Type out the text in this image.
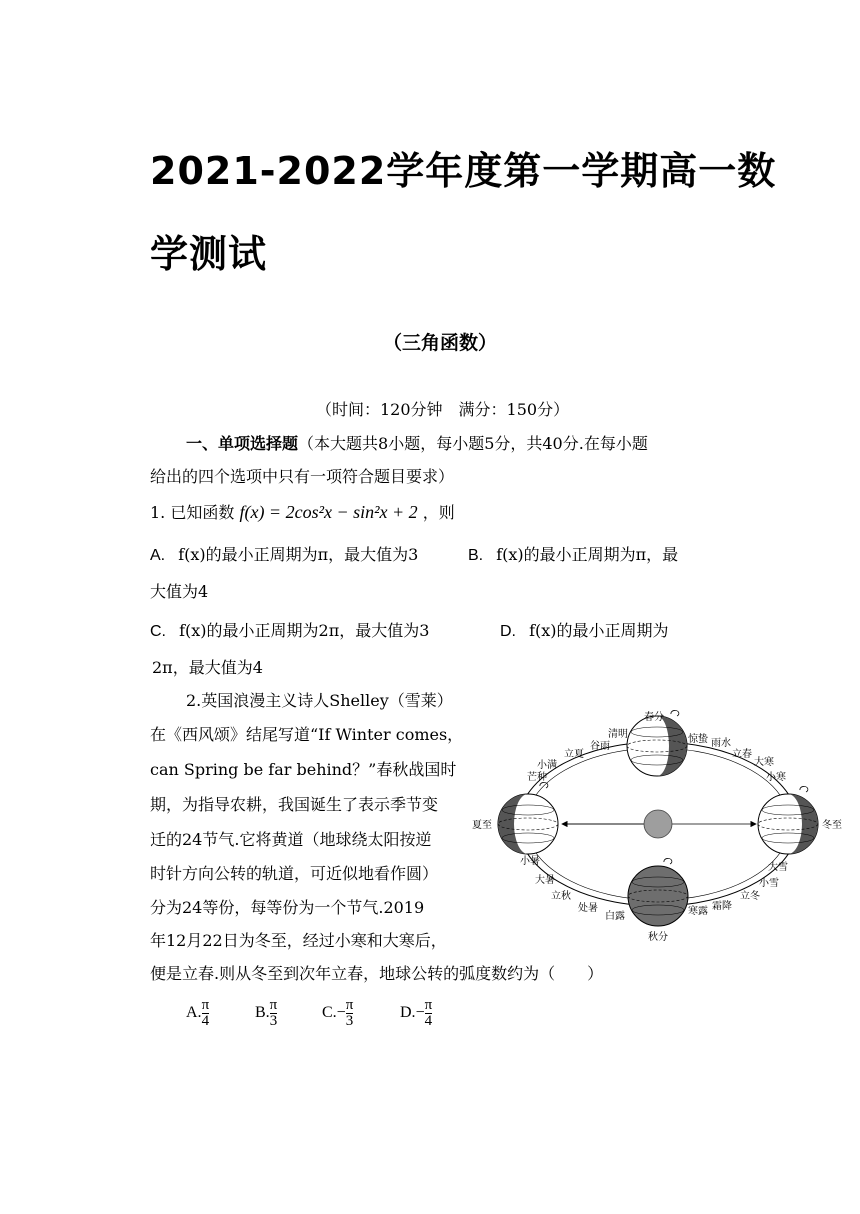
2021-2022学年度第一学期高一数
学测试
（三角函数）
（时间：120分钟　满分：150分）
一、单项选择题（本大题共8小题，每小题5分，共40分.在每小题
给出的四个选项中只有一项符合题目要求）
1. 已知函数 f(x) = 2cos²x − sin²x + 2 ，则
A. f(x)的最小正周期为π，最大值为3	B. f(x)的最小正周期为π，最
大值为4
C. f(x)的最小正周期为2π，最大值为3	D. f(x)的最小正周期为
2π，最大值为4
2.英国浪漫主义诗人Shelley（雪莱）
在《西风颂》结尾写道“If Winter comes，
can Spring be far behind？”春秋战国时
期，为指导农耕，我国诞生了表示季节变
迁的24节气.它将黄道（地球绕太阳按逆
时针方向公转的轨道，可近似地看作圆）
分为24等份，每等份为一个节气.2019
年12月22日为冬至，经过小寒和大寒后，
便是立春.则从冬至到次年立春，地球公转的弧度数约为（　　）
A. $\frac{\pi}{4}$	B. $\frac{\pi}{3}$	$C.- \frac{\pi}{3}$	$D.- \frac{\pi}{4}$
春分
清明
谷雨
立夏
小满
芒种
夏至
小暑
大暑
立秋
处暑
白露
秋分
寒露 霜降
立冬
小雪
大雪
冬至
小寒
大寒
立春
雨水
惊蛰
